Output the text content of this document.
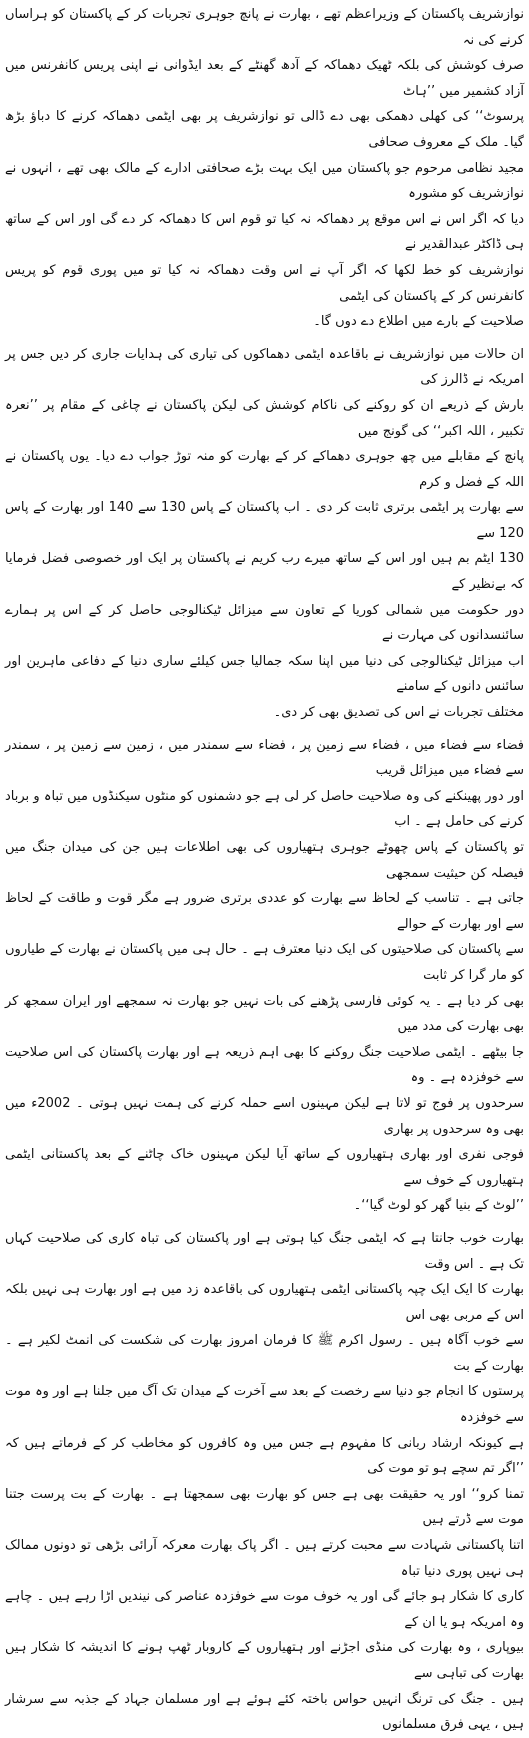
نوازشریف پاکستان کے وزیراعظم تھے ، بھارت نے پانچ جوہری تجربات کر کے پاکستان کو ہراساں کرنے کی نہ
صرف کوشش کی بلکہ ٹھیک دھماکہ کے آدھ گھنٹے کے بعد ایڈوانی نے اپنی پریس کانفرنس میں آزاد کشمیر میں ’’ہاٹ
پرسوٹ‘‘ کی کھلی دھمکی بھی دے ڈالی تو نوازشریف پر بھی ایٹمی دھماکہ کرنے کا دباؤ بڑھ گیا۔ ملک کے معروف صحافی
مجید نظامی مرحوم جو پاکستان میں ایک بہت بڑے صحافتی ادارے کے مالک بھی تھے ، انہوں نے نوازشریف کو مشورہ
دیا کہ اگر اس نے اس موقع پر دھماکہ نہ کیا تو قوم اس کا دھماکہ کر دے گی اور اس کے ساتھ ہی ڈاکٹر عبدالقدیر نے
نوازشریف کو خط لکھا کہ اگر آپ نے اس وقت دھماکہ نہ کیا تو میں پوری قوم کو پریس کانفرنس کر کے پاکستان کی ایٹمی
صلاحیت کے بارے میں اطلاع دے دوں گا۔

ان حالات میں نوازشریف نے باقاعدہ ایٹمی دھماکوں کی تیاری کی ہدایات جاری کر دیں جس پر امریکہ نے ڈالرز کی
بارش کے ذریعے ان کو روکنے کی ناکام کوشش کی لیکن پاکستان نے چاغی کے مقام پر ’’نعرہ تکبیر ، اللہ اکبر‘‘ کی گونج میں
پانچ کے مقابلے میں چھ جوہری دھماکے کر کے بھارت کو منہ توڑ جواب دے دیا۔ یوں پاکستان نے اللہ کے فضل و کرم
سے بھارت پر ایٹمی برتری ثابت کر دی ۔ اب پاکستان کے پاس 130 سے 140 اور بھارت کے پاس 120 سے
130 ایٹم بم ہیں اور اس کے ساتھ میرے رب کریم نے پاکستان پر ایک اور خصوصی فضل فرمایا کہ بےنظیر کے
دور حکومت میں شمالی کوریا کے تعاون سے میزائل ٹیکنالوجی حاصل کر کے اس پر ہمارے سائنسدانوں کی مہارت نے
اب میزائل ٹیکنالوجی کی دنیا میں اپنا سکہ جمالیا جس کیلئے ساری دنیا کے دفاعی ماہرین اور سائنس دانوں کے سامنے
مختلف تجربات نے اس کی تصدیق بھی کر دی۔

فضاء سے فضاء میں ، فضاء سے زمین پر ، فضاء سے سمندر میں ، زمین سے زمین پر ، سمندر سے فضاء میں میزائل قریب
اور دور پھینکنے کی وہ صلاحیت حاصل کر لی ہے جو دشمنوں کو منٹوں سیکنڈوں میں تباہ و برباد کرنے کی حامل ہے ۔ اب
تو پاکستان کے پاس چھوٹے جوہری ہتھیاروں کی بھی اطلاعات ہیں جن کی میدان جنگ میں فیصلہ کن حیثیت سمجھی
جاتی ہے ۔ تناسب کے لحاظ سے بھارت کو عددی برتری ضرور ہے مگر قوت و طاقت کے لحاظ سے اور بھارت کے حوالے
سے پاکستان کی صلاحیتوں کی ایک دنیا معترف ہے ۔ حال ہی میں پاکستان نے بھارت کے طیاروں کو مار گرا کر ثابت
بھی کر دیا ہے ۔ یہ کوئی فارسی پڑھنے کی بات نہیں جو بھارت نہ سمجھے اور ایران سمجھ کر بھی بھارت کی مدد میں
جا بیٹھے ۔ ایٹمی صلاحیت جنگ روکنے کا بھی اہم ذریعہ ہے اور بھارت پاکستان کی اس صلاحیت سے خوفزدہ ہے ۔ وہ
سرحدوں پر فوج تو لاتا ہے لیکن مہینوں اسے حملہ کرنے کی ہمت نہیں ہوتی ۔ 2002ء میں بھی وہ سرحدوں پر بھاری
فوجی نفری اور بھاری ہتھیاروں کے ساتھ آیا لیکن مہینوں خاک چاٹنے کے بعد پاکستانی ایٹمی ہتھیاروں کے خوف سے
’’لوٹ کے بنیا گھر کو لوٹ گیا‘‘۔

بھارت خوب جانتا ہے کہ ایٹمی جنگ کیا ہوتی ہے اور پاکستان کی تباہ کاری کی صلاحیت کہاں تک ہے ۔ اس وقت
بھارت کا ایک ایک چپہ پاکستانی ایٹمی ہتھیاروں کی باقاعدہ زد میں ہے اور بھارت ہی نہیں بلکہ اس کے مربی بھی اس
سے خوب آگاہ ہیں ۔ رسول اکرم ﷺ کا فرمان امروز بھارت کی شکست کی انمٹ لکیر ہے ۔ بھارت کے بت
پرستوں کا انجام جو دنیا سے رخصت کے بعد سے آخرت کے میدان تک آگ میں جلنا ہے اور وہ موت سے خوفزدہ
ہے کیونکہ ارشاد ربانی کا مفہوم ہے جس میں وہ کافروں کو مخاطب کر کے فرماتے ہیں کہ ’’اگر تم سچے ہو تو موت کی
تمنا کرو‘‘ اور یہ حقیقت بھی ہے جس کو بھارت بھی سمجھتا ہے ۔ بھارت کے بت پرست جتنا موت سے ڈرتے ہیں
اتنا پاکستانی شہادت سے محبت کرتے ہیں ۔ اگر پاک بھارت معرکہ آرائی بڑھی تو دونوں ممالک ہی نہیں پوری دنیا تباہ
کاری کا شکار ہو جائے گی اور یہ خوف موت سے خوفزدہ عناصر کی نیندیں اڑا رہے ہیں ۔ چاہے وہ امریکہ ہو یا ان کے
بیوپاری ، وہ بھارت کی منڈی اجڑنے اور ہتھیاروں کے کاروبار ٹھپ ہونے کا اندیشہ کا شکار ہیں بھارت کی تباہی سے
ہیں ۔ جنگ کی ترنگ انہیں حواس باختہ کئے ہوئے ہے اور مسلمان جہاد کے جذبہ سے سرشار ہیں ، یہی فرق مسلمانوں
